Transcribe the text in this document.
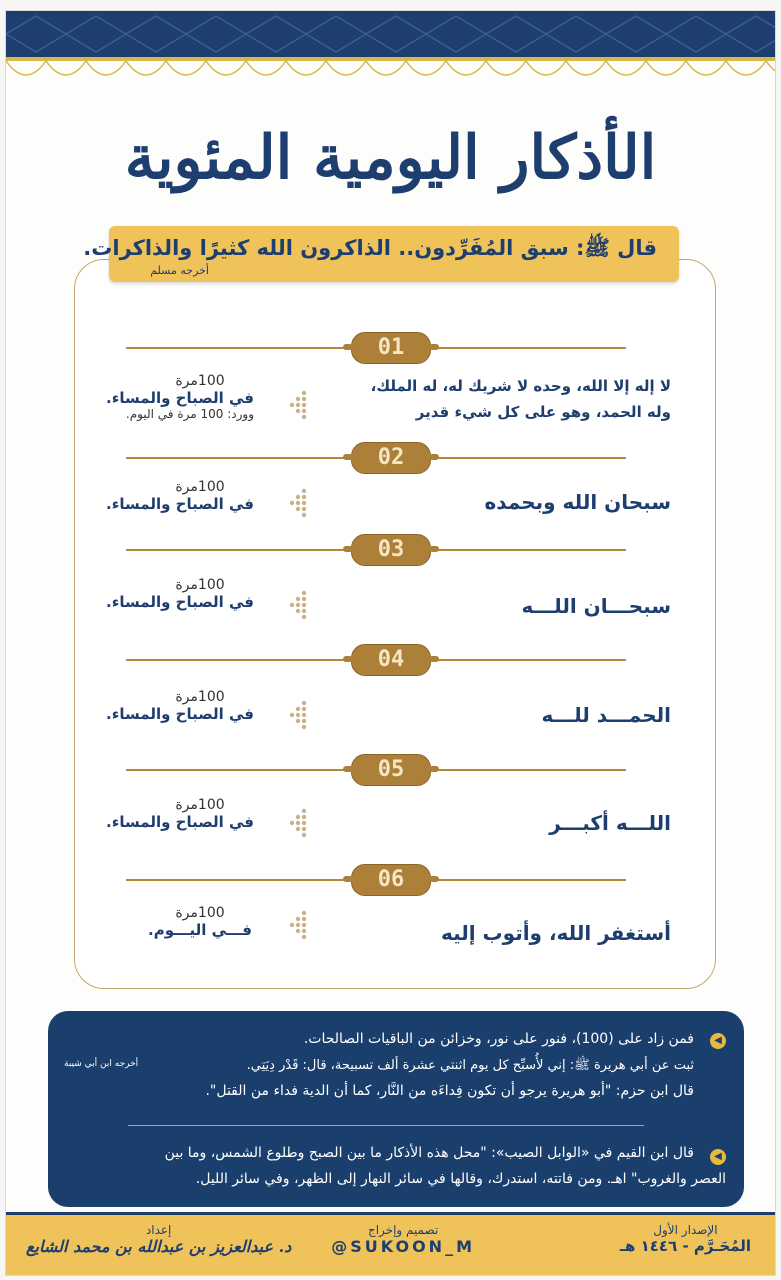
الأذكار اليومية المئوية
قال ﷺ: سبق المُفَرِّدون.. الذاكرون الله كثيرًا والذاكرات.
أخرجه مسلم
01
لا إله إلا الله، وحده لا شريك له، له الملك،
وله الحمد، وهو على كل شيء قدير
100مرة
في الصباح والمساء.
وورد: 100 مرة في اليوم.
02
سبحان الله وبحمده
100مرة
في الصباح والمساء.
03
سبحـــان اللـــه
100مرة
في الصباح والمساء.
04
الحمـــد للـــه
100مرة
في الصباح والمساء.
05
اللـــه أكبـــر
100مرة
في الصباح والمساء.
06
أستغفر الله، وأتوب إليه
100مرة
فـــي اليـــوم.
◀
فمن زاد على (100)، فنور على نور، وخزائن من الباقيات الصالحات.
ثبت عن أبي هريرة ﷺ: إني لأُسبِّح كل يوم اثنتي عشرة ألف تسبيحة، قال: قَدْر دِيَتِي.
أخرجه ابن أبي شيبة
قال ابن حزم: "أبو هريرة يرجو أن تكون فِداءَه من النَّار، كما أن الدية فداء من القتل".
◀
قال ابن القيم في «الوابل الصيب»: "محل هذه الأذكار ما بين الصبح وطلوع الشمس، وما بين
العصر والغروب" اهـ. ومن فاتته، استدرك، وقالها في سائر النهار إلى الظهر، وفي سائر الليل.
الإصدار الأول
المُحَـرَّم - ١٤٤٦ هـ
تصميم وإخراج
@SUKOON_M
إعداد
د. عبدالعزيز بن عبدالله بن محمد الشايع
